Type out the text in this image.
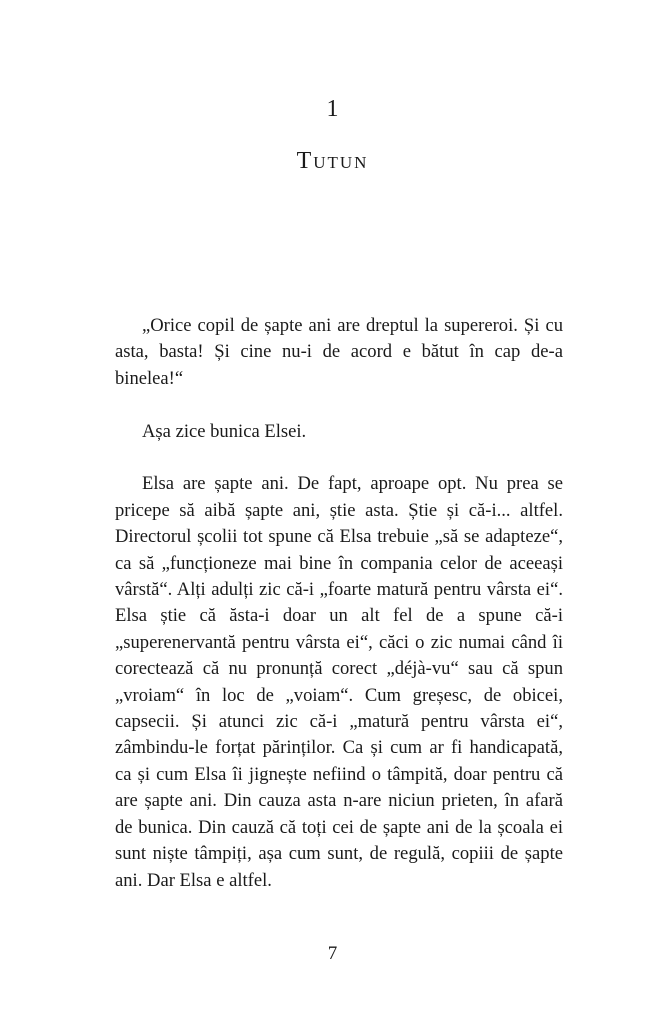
1
Tutun

„Orice copil de șapte ani are dreptul la supereroi. Și cu asta, basta! Și cine nu-i de acord e bătut în cap de-a binelea!“

Așa zice bunica Elsei.

Elsa are șapte ani. De fapt, aproape opt. Nu prea se pricepe să aibă șapte ani, știe asta. Știe și că-i... altfel. Directorul școlii tot spune că Elsa trebuie „să se adapteze“, ca să „funcționeze mai bine în compania celor de aceeași vârstă“. Alți adulți zic că-i „foarte matură pentru vârsta ei“. Elsa știe că ăsta-i doar un alt fel de a spune că-i „superenervantă pentru vârsta ei“, căci o zic numai când îi corectează că nu pronunță corect „déjà-vu“ sau că spun „vroiam“ în loc de „voiam“. Cum greșesc, de obicei, capsecii. Și atunci zic că-i „matură pentru vârsta ei“, zâmbindu-le forțat părinților. Ca și cum ar fi handicapată, ca și cum Elsa îi jignește nefiind o tâmpită, doar pentru că are șapte ani. Din cauza asta n-are niciun prieten, în afară de bunica. Din cauză că toți cei de șapte ani de la școala ei sunt niște tâmpiți, așa cum sunt, de regulă, copiii de șapte ani. Dar Elsa e altfel.

7
